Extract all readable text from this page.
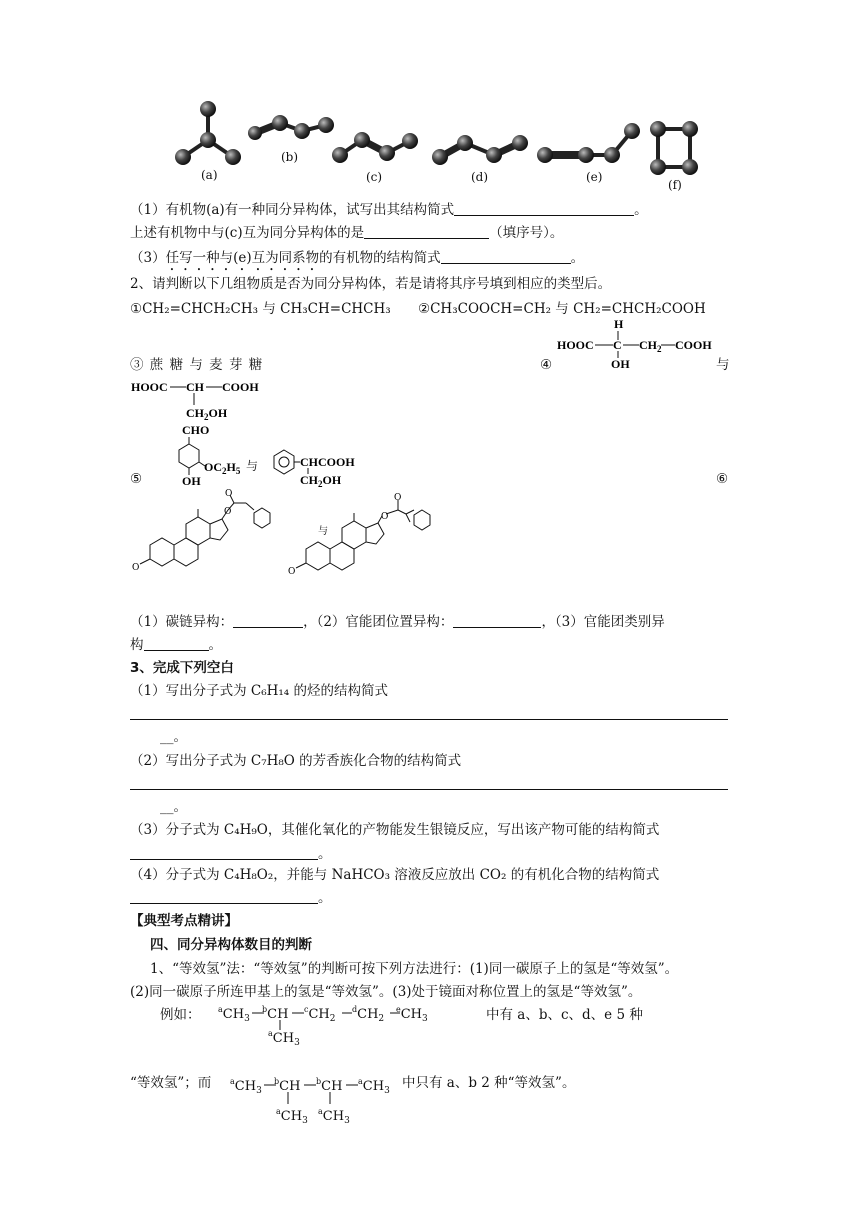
(a)
(b)
(c)	(d)	(e)
(f)
（1）有机物(a)有一种同分异构体，试写出其结构简式	。
上述有机物中与(c)互为同分异构体的是	（填序号）。
（3）任写一种与(e)互为同系物的有机物的结构简式	。
2、请判断以下几组物质是否为同分异构体，若是请将其序号填到相应的类型后。
①CH₂=CHCH₂CH₃ 与 CH₃CH=CHCH₃ ②CH₃COOCH=CH₂ 与 CH₂=CHCH₂COOH
H
HOOC C $CH_2$ COOH
OH
③ 蔗 糖 与 麦 芽 糖	④	与
HOOC CH COOH
$CH_2OH$
CHO
$OC_2H_5$
OH
与	CHCOOH
$CH_2OH$
⑤	⑥
O
O
O
与
O
O
O
（1）碳链异构：	，（2）官能团位置异构：	，（3）官能团类别异
构	。
3、完成下列空白
（1）写出分子式为 C₆H₁₄ 的烃的结构简式
__。
（2）写出分子式为 C₇H₈O 的芳香族化合物的结构简式
__。
（3）分子式为 C₄H₉O，其催化氧化的产物能发生银镜反应，写出该产物可能的结构简式
。
（4）分子式为 C₄H₈O₂，并能与 NaHCO₃ 溶液反应放出 CO₂ 的有机化合物的结构简式
。
【典型考点精讲】
四、同分异构体数目的判断
1、“等效氢”法：“等效氢”的判断可按下列方法进行：(1)同一碳原子上的氢是“等效氢”。
(2)同一碳原子所连甲基上的氢是“等效氢”。(3)处于镜面对称位置上的氢是“等效氢”。
例如： $^aCH_3$
$^b$CH $^cCH_2$
$^dCH_2$
$^eCH_3$
$^aCH_3$
中有 a、b、c、d、e 5 种
“等效氢”；而 $^aCH_3$
$^b$CH $^b$CH $^aCH_3$
$^aCH_3$
$^aCH_3$
中只有 a、b 2 种“等效氢”。
